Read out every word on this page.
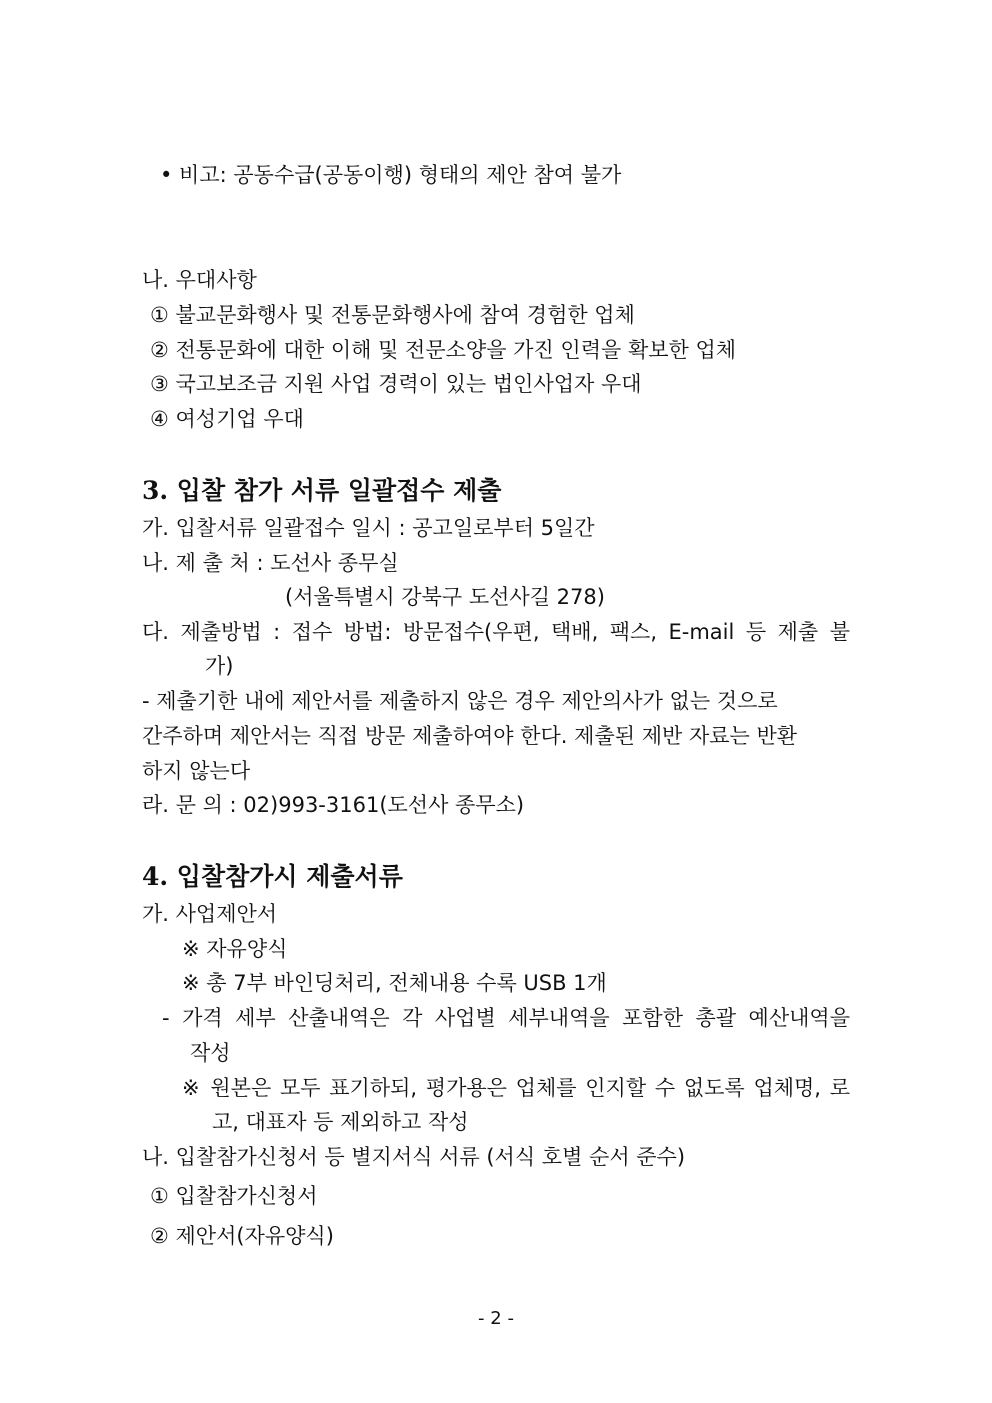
• 비고: 공동수급(공동이행) 형태의 제안 참여 불가
나. 우대사항
① 불교문화행사 및 전통문화행사에 참여 경험한 업체
② 전통문화에 대한 이해 및 전문소양을 가진 인력을 확보한 업체
③ 국고보조금 지원 사업 경력이 있는 법인사업자 우대
④ 여성기업 우대
3. 입찰 참가 서류 일괄접수 제출
가. 입찰서류 일괄접수 일시 : 공고일로부터 5일간
나. 제 출 처 : 도선사 종무실
(서울특별시 강북구 도선사길 278)
다. 제출방법 : 접수 방법: 방문접수(우편, 택배, 팩스, E-mail 등 제출 불
가)
- 제출기한 내에 제안서를 제출하지 않은 경우 제안의사가 없는 것으로
간주하며 제안서는 직접 방문 제출하여야 한다. 제출된 제반 자료는 반환
하지 않는다
라. 문 의 : 02)993-3161(도선사 종무소)
4. 입찰참가시 제출서류
가. 사업제안서
※ 자유양식
※ 총 7부 바인딩처리, 전체내용 수록 USB 1개
- 가격 세부 산출내역은 각 사업별 세부내역을 포함한 총괄 예산내역을
작성
※ 원본은 모두 표기하되, 평가용은 업체를 인지할 수 없도록 업체명, 로
고, 대표자 등 제외하고 작성
나. 입찰참가신청서 등 별지서식 서류 (서식 호별 순서 준수)
① 입찰참가신청서
② 제안서(자유양식)
- 2 -
